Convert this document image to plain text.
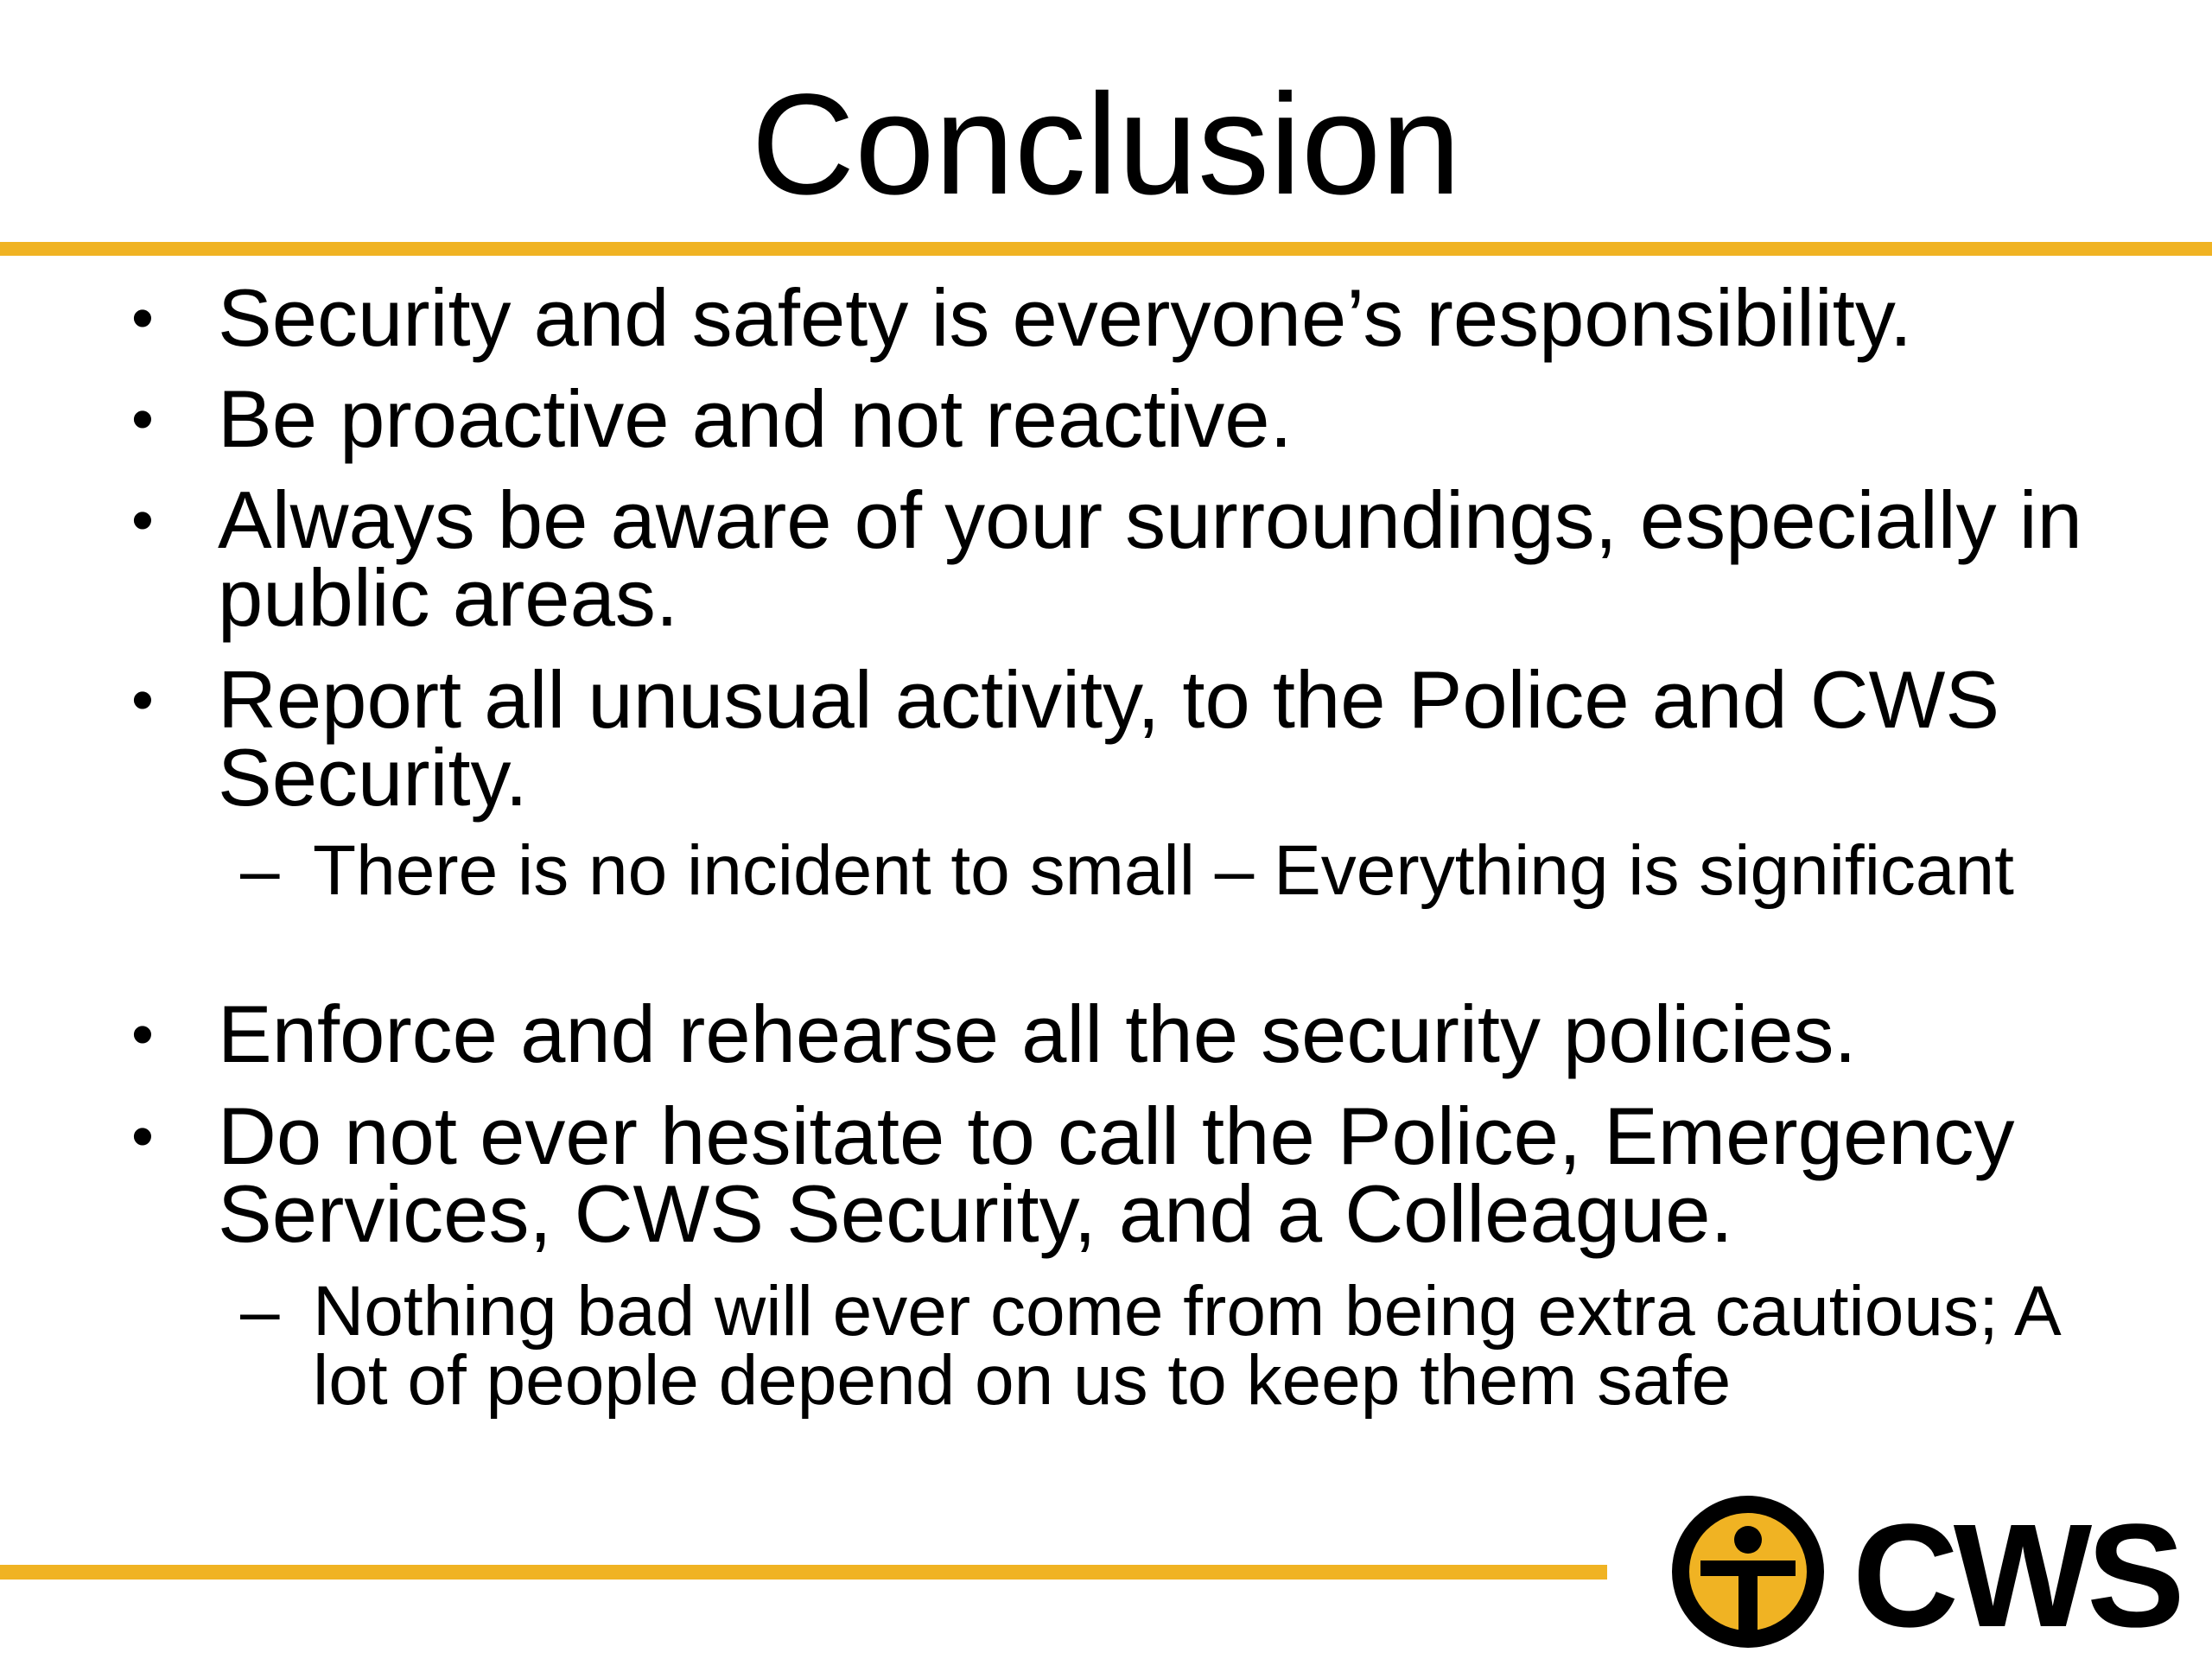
Conclusion
• Security and safety is everyone’s responsibility.
• Be proactive and not reactive.
• Always be aware of your surroundings, especially in public areas.
• Report all unusual activity, to the Police and CWS Security.
– There is no incident to small – Everything is significant
• Enforce and rehearse all the security policies.
• Do not ever hesitate to call the Police, Emergency Services, CWS Security, and a Colleague.
– Nothing bad will ever come from being extra cautious; A lot of people depend on us to keep them safe
CWS
